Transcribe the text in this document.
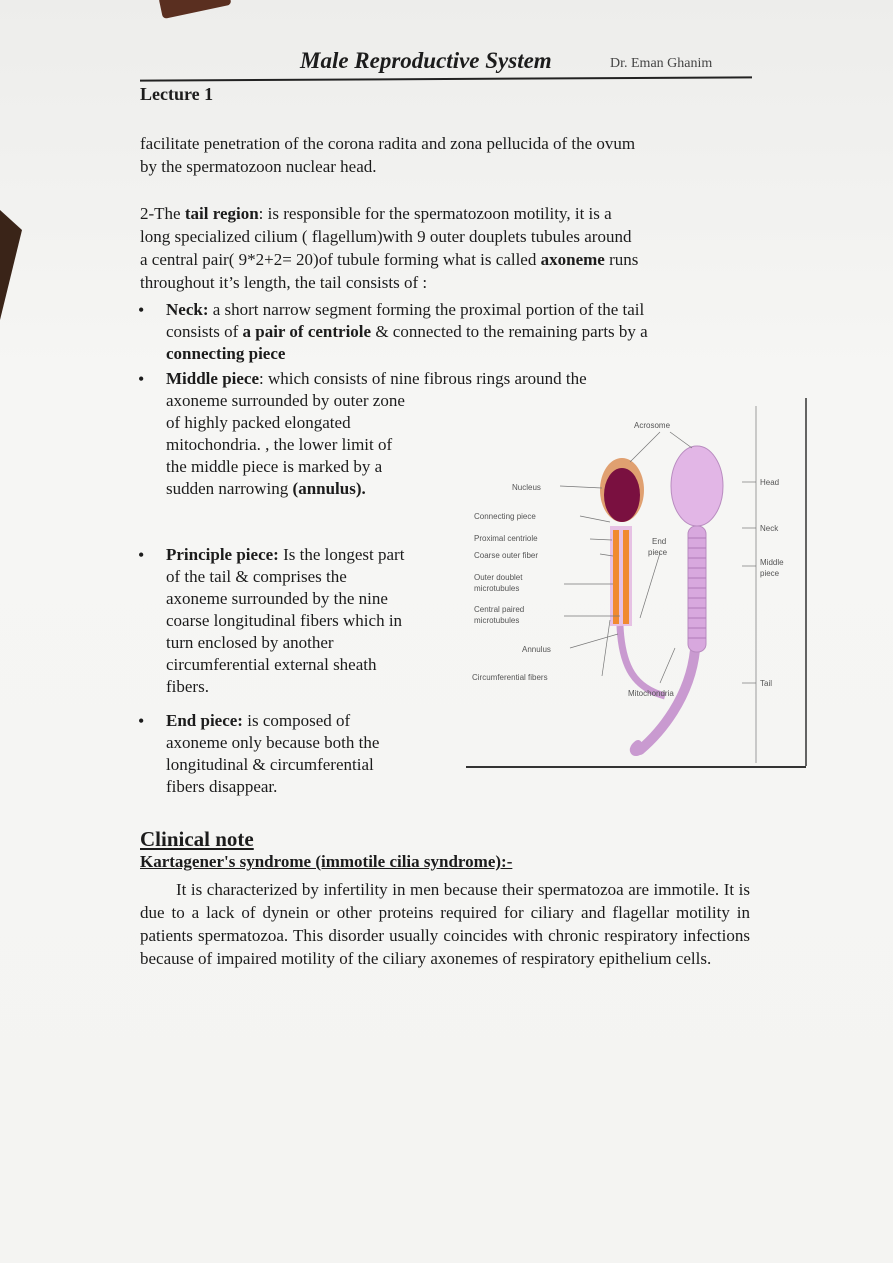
Male Reproductive System	Dr. Eman Ghanim
Lecture 1
facilitate penetration of the corona radita and zona pellucida of the ovum
by the spermatozoon nuclear head.
2-The tail region: is responsible for the spermatozoon motility, it is a
long specialized cilium ( flagellum)with 9 outer douplets tubules around
a central pair( 9*2+2= 20)of tubule forming what is called axoneme runs
throughout it’s length, the tail consists of :
• Neck: a short narrow segment forming the proximal portion of the tail
consists of a pair of centriole & connected to the remaining parts by a
connecting piece
• Middle piece: which consists of nine fibrous rings around the
axoneme surrounded by outer zone
of highly packed elongated
mitochondria. , the lower limit of
the middle piece is marked by a
sudden narrowing (annulus).
• Principle piece: Is the longest part
of the tail & comprises the
axoneme surrounded by the nine
coarse longitudinal fibers which in
turn enclosed by another
circumferential external sheath
fibers.
• End piece: is composed of
axoneme only because both the
longitudinal & circumferential
fibers disappear.
Acrosome
Nucleus
Connecting piece
Proximal centriole
Coarse outer fiber
Outer doublet
microtubules
Central paired
microtubules
Annulus
Circumferential fibers
End
piece
Mitochondria
Head
Neck
Middle
piece
Tail
Clinical note
Kartagener's syndrome (immotile cilia syndrome):-

It is characterized by infertility in men because their spermatozoa are immotile. It is due to a lack of dynein or other proteins required for ciliary and flagellar motility in patients spermatozoa. This disorder usually coincides with chronic respiratory infections because of impaired motility of the ciliary axonemes of respiratory epithelium cells.
